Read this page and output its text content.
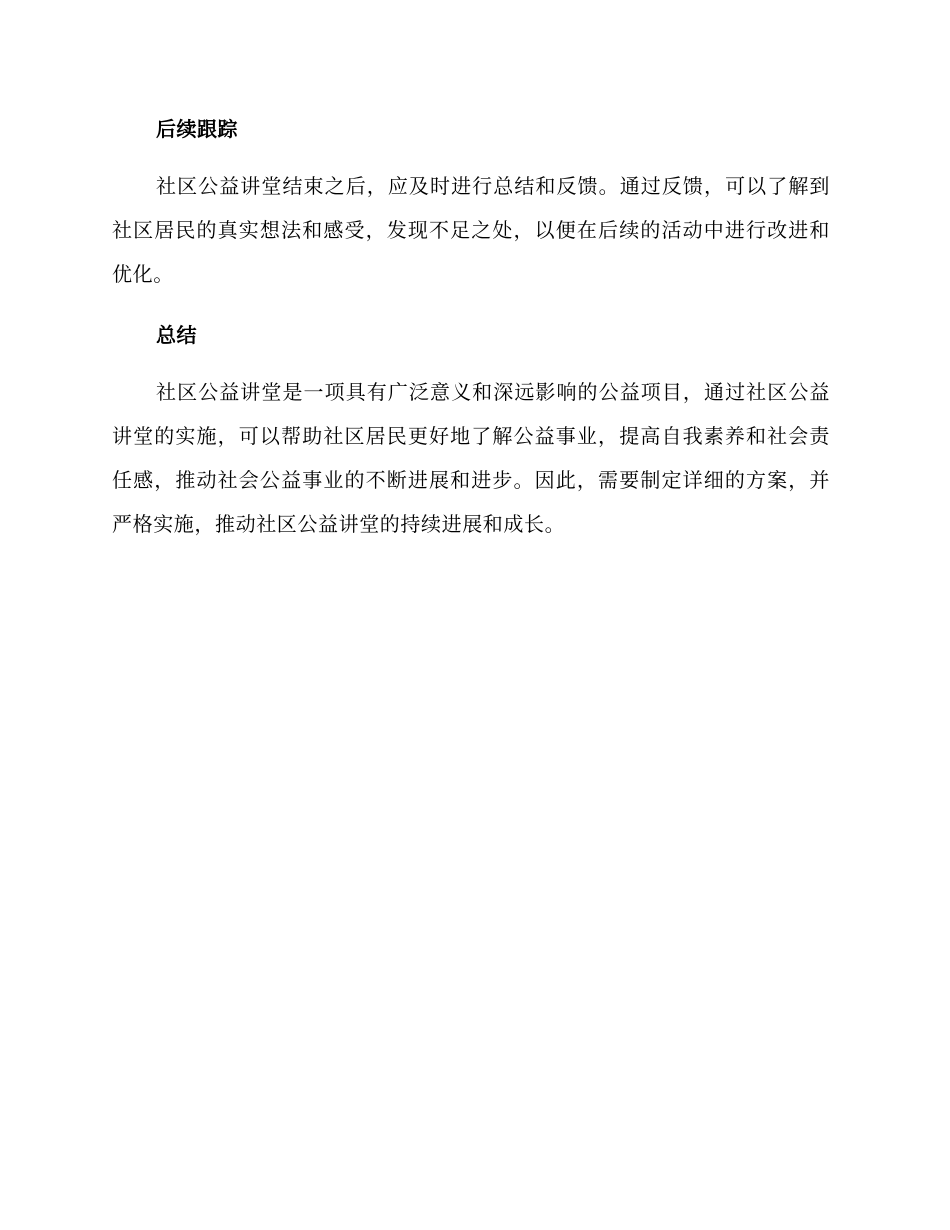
后续跟踪

社区公益讲堂结束之后，应及时进行总结和反馈。通过反馈，可以了解到社区居民的真实想法和感受，发现不足之处，以便在后续的活动中进行改进和优化。

总结

社区公益讲堂是一项具有广泛意义和深远影响的公益项目，通过社区公益讲堂的实施，可以帮助社区居民更好地了解公益事业，提高自我素养和社会责任感，推动社会公益事业的不断进展和进步。因此，需要制定详细的方案，并严格实施，推动社区公益讲堂的持续进展和成长。
